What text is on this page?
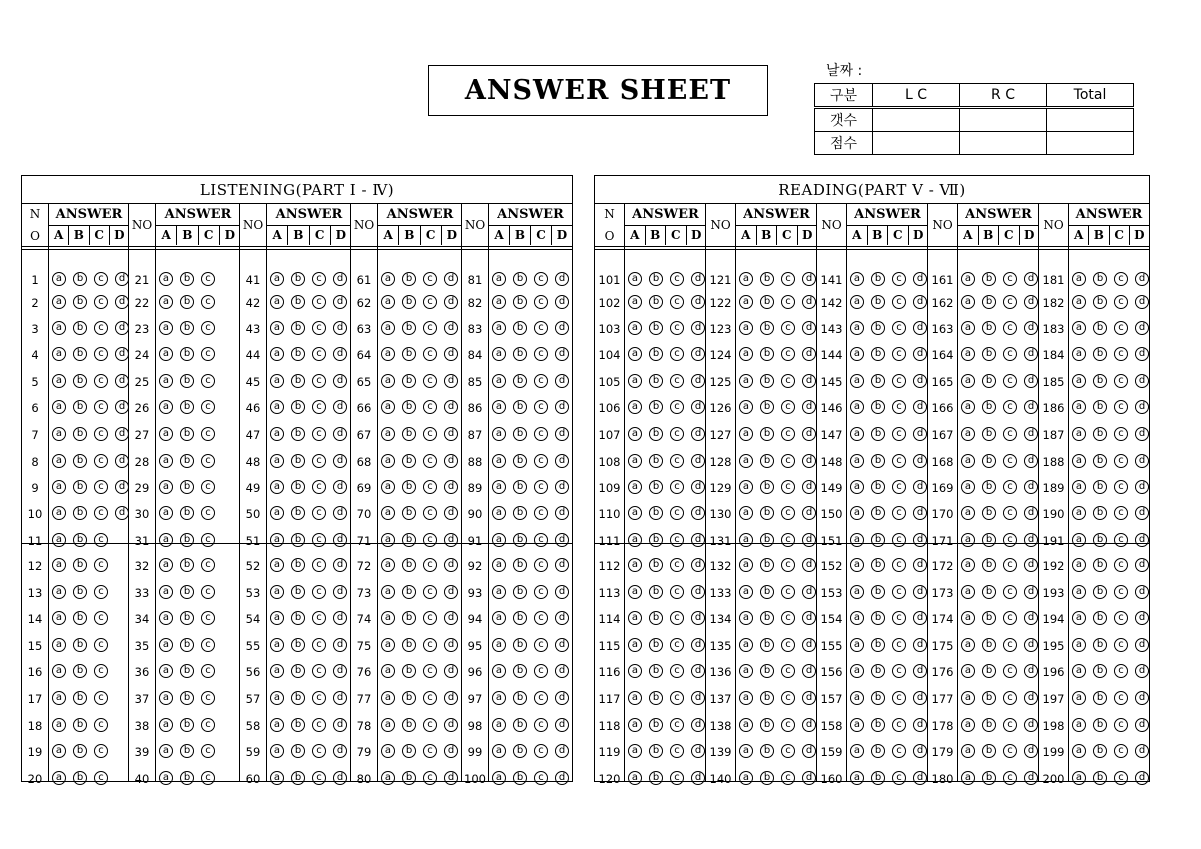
ANSWER SHEET
날짜 :
구분	L C	R C	Total
갯수			
점수			
LISTENING(PART Ⅰ - Ⅳ)
N
O
ANSWER
A B C D
1	a	b	c	d
2	a	b	c	d
3	a	b	c	d
4	a	b	c	d
5	a	b	c	d
6	a	b	c	d
7	a	b	c	d
8	a	b	c	d
9	a	b	c	d
10	a	b	c	d
11	a	b	c
12	a	b	c
13	a	b	c
14	a	b	c
15	a	b	c
16	a	b	c
17	a	b	c
18	a	b	c
19	a	b	c
20	a	b	c
NO
ANSWER
A B C D
21	a	b	c
22	a	b	c
23	a	b	c
24	a	b	c
25	a	b	c
26	a	b	c
27	a	b	c
28	a	b	c
29	a	b	c
30	a	b	c
31	a	b	c
32	a	b	c
33	a	b	c
34	a	b	c
35	a	b	c
36	a	b	c
37	a	b	c
38	a	b	c
39	a	b	c
40	a	b	c
NO
ANSWER
A B C D
41	a	b	c	d
42	a	b	c	d
43	a	b	c	d
44	a	b	c	d
45	a	b	c	d
46	a	b	c	d
47	a	b	c	d
48	a	b	c	d
49	a	b	c	d
50	a	b	c	d
51	a	b	c	d
52	a	b	c	d
53	a	b	c	d
54	a	b	c	d
55	a	b	c	d
56	a	b	c	d
57	a	b	c	d
58	a	b	c	d
59	a	b	c	d
60	a	b	c	d
NO
ANSWER
A B C D
61	a	b	c	d
62	a	b	c	d
63	a	b	c	d
64	a	b	c	d
65	a	b	c	d
66	a	b	c	d
67	a	b	c	d
68	a	b	c	d
69	a	b	c	d
70	a	b	c	d
71	a	b	c	d
72	a	b	c	d
73	a	b	c	d
74	a	b	c	d
75	a	b	c	d
76	a	b	c	d
77	a	b	c	d
78	a	b	c	d
79	a	b	c	d
80	a	b	c	d
NO
ANSWER
A B C D
81	a	b	c	d
82	a	b	c	d
83	a	b	c	d
84	a	b	c	d
85	a	b	c	d
86	a	b	c	d
87	a	b	c	d
88	a	b	c	d
89	a	b	c	d
90	a	b	c	d
91	a	b	c	d
92	a	b	c	d
93	a	b	c	d
94	a	b	c	d
95	a	b	c	d
96	a	b	c	d
97	a	b	c	d
98	a	b	c	d
99	a	b	c	d
100 a	b	c	d
READING(PART Ⅴ - Ⅶ)
N
O
ANSWER
A B C D
101	a	b	c	d
102	a	b	c	d
103	a	b	c	d
104	a	b	c	d
105	a	b	c	d
106	a	b	c	d
107	a	b	c	d
108	a	b	c	d
109	a	b	c	d
110	a	b	c	d
111	a	b	c	d
112	a	b	c	d
113	a	b	c	d
114	a	b	c	d
115	a	b	c	d
116	a	b	c	d
117	a	b	c	d
118	a	b	c	d
119	a	b	c	d
120	a	b	c	d
NO
ANSWER
A B C D
121	a	b	c	d
122	a	b	c	d
123	a	b	c	d
124	a	b	c	d
125	a	b	c	d
126	a	b	c	d
127	a	b	c	d
128	a	b	c	d
129	a	b	c	d
130	a	b	c	d
131	a	b	c	d
132	a	b	c	d
133	a	b	c	d
134	a	b	c	d
135	a	b	c	d
136	a	b	c	d
137	a	b	c	d
138	a	b	c	d
139	a	b	c	d
140	a	b	c	d
NO
ANSWER
A B C D
141	a	b	c	d
142	a	b	c	d
143	a	b	c	d
144	a	b	c	d
145	a	b	c	d
146	a	b	c	d
147	a	b	c	d
148	a	b	c	d
149	a	b	c	d
150	a	b	c	d
151	a	b	c	d
152	a	b	c	d
153	a	b	c	d
154	a	b	c	d
155	a	b	c	d
156	a	b	c	d
157	a	b	c	d
158	a	b	c	d
159	a	b	c	d
160	a	b	c	d
NO
ANSWER
A B C D
161	a	b	c	d
162	a	b	c	d
163	a	b	c	d
164	a	b	c	d
165	a	b	c	d
166	a	b	c	d
167	a	b	c	d
168	a	b	c	d
169	a	b	c	d
170	a	b	c	d
171	a	b	c	d
172	a	b	c	d
173	a	b	c	d
174	a	b	c	d
175	a	b	c	d
176	a	b	c	d
177	a	b	c	d
178	a	b	c	d
179	a	b	c	d
180	a	b	c	d
NO
ANSWER
A B C D
181	a	b	c	d
182	a	b	c	d
183	a	b	c	d
184	a	b	c	d
185	a	b	c	d
186	a	b	c	d
187	a	b	c	d
188	a	b	c	d
189	a	b	c	d
190	a	b	c	d
191	a	b	c	d
192	a	b	c	d
193	a	b	c	d
194	a	b	c	d
195	a	b	c	d
196	a	b	c	d
197	a	b	c	d
198	a	b	c	d
199	a	b	c	d
200	a	b	c	d
